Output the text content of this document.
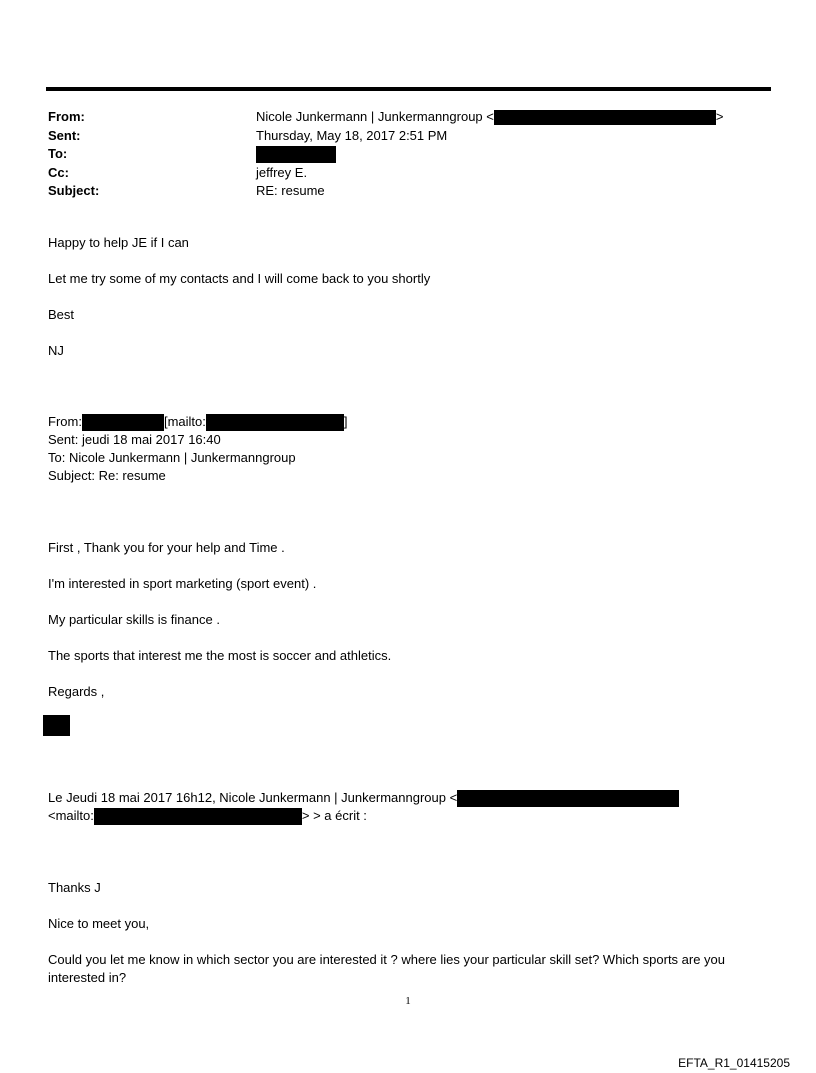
From:	Nicole Junkermann | Junkermanngroup <	>
Sent:	Thursday, May 18, 2017 2:51 PM
To:
Cc:	jeffrey E.
Subject:	RE: resume
Happy to help JE if I can
Let me try some of my contacts and I will come back to you shortly
Best
NJ
From:	[mailto:	]
Sent: jeudi 18 mai 2017 16:40
To: Nicole Junkermann | Junkermanngroup
Subject: Re: resume
First , Thank you for your help and Time .
I'm interested in sport marketing (sport event) .
My particular skills is finance .
The sports that interest me the most is soccer and athletics.
Regards ,
Le Jeudi 18 mai 2017 16h12, Nicole Junkermann | Junkermanngroup <
<mailto:	> > a écrit :
Thanks J
Nice to meet you,
Could you let me know in which sector you are interested it ? where lies your particular skill set? Which sports are you interested in?
1
EFTA_R1_01415205
